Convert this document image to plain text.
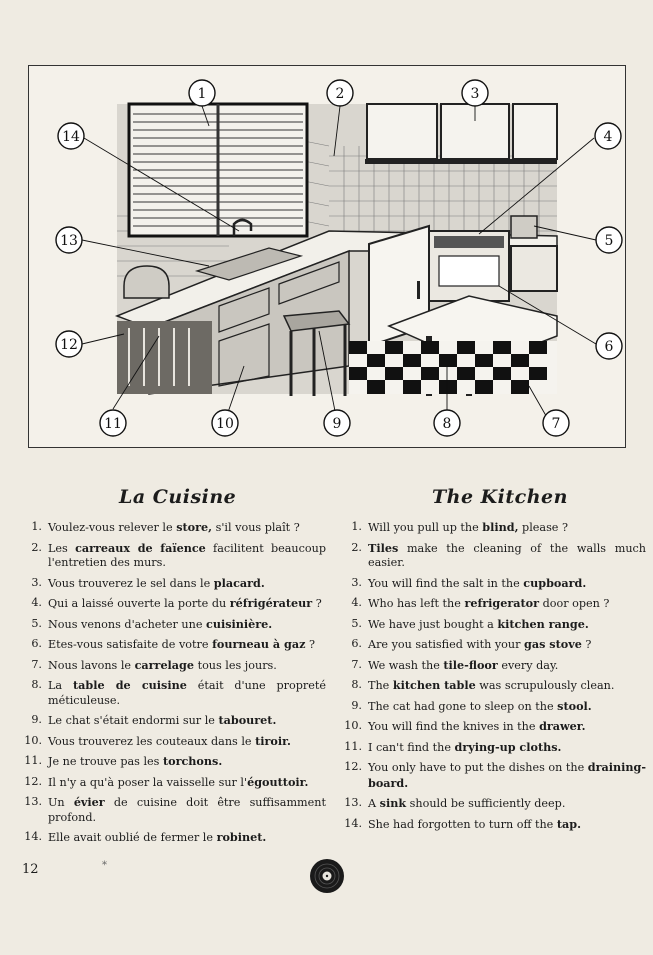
1	2	3
4
5
6
7
8
9
10
11
12
13
14
La Cuisine	The Kitchen
1. Voulez-vous relever le store, s'il vous plaît ?
2. Les carreaux de faïence facilitent beaucoup l'entretien des murs.
3. Vous trouverez le sel dans le placard.
4. Qui a laissé ouverte la porte du réfrigérateur ?
5. Nous venons d'acheter une cuisinière.
6. Etes-vous satisfaite de votre fourneau à gaz ?
7. Nous lavons le carrelage tous les jours.
8. La table de cuisine était d'une propreté méticuleuse.
9. Le chat s'était endormi sur le tabouret.
10. Vous trouverez les couteaux dans le tiroir.
11. Je ne trouve pas les torchons.
12. Il n'y a qu'à poser la vaisselle sur l'égouttoir.
13. Un évier de cuisine doit être suffisamment profond.
14. Elle avait oublié de fermer le robinet.
1. Will you pull up the blind, please ?
2. Tiles make the cleaning of the walls much easier.
3. You will find the salt in the cupboard.
4. Who has left the refrigerator door open ?
5. We have just bought a kitchen range.
6. Are you satisfied with your gas stove ?
7. We wash the tile-floor every day.
8. The kitchen table was scrupulously clean.
9. The cat had gone to sleep on the stool.
10. You will find the knives in the drawer.
11. I can't find the drying-up cloths.
12. You only have to put the dishes on the draining-board.
13. A sink should be sufficiently deep.
14. She had forgotten to turn off the tap.
12	*
